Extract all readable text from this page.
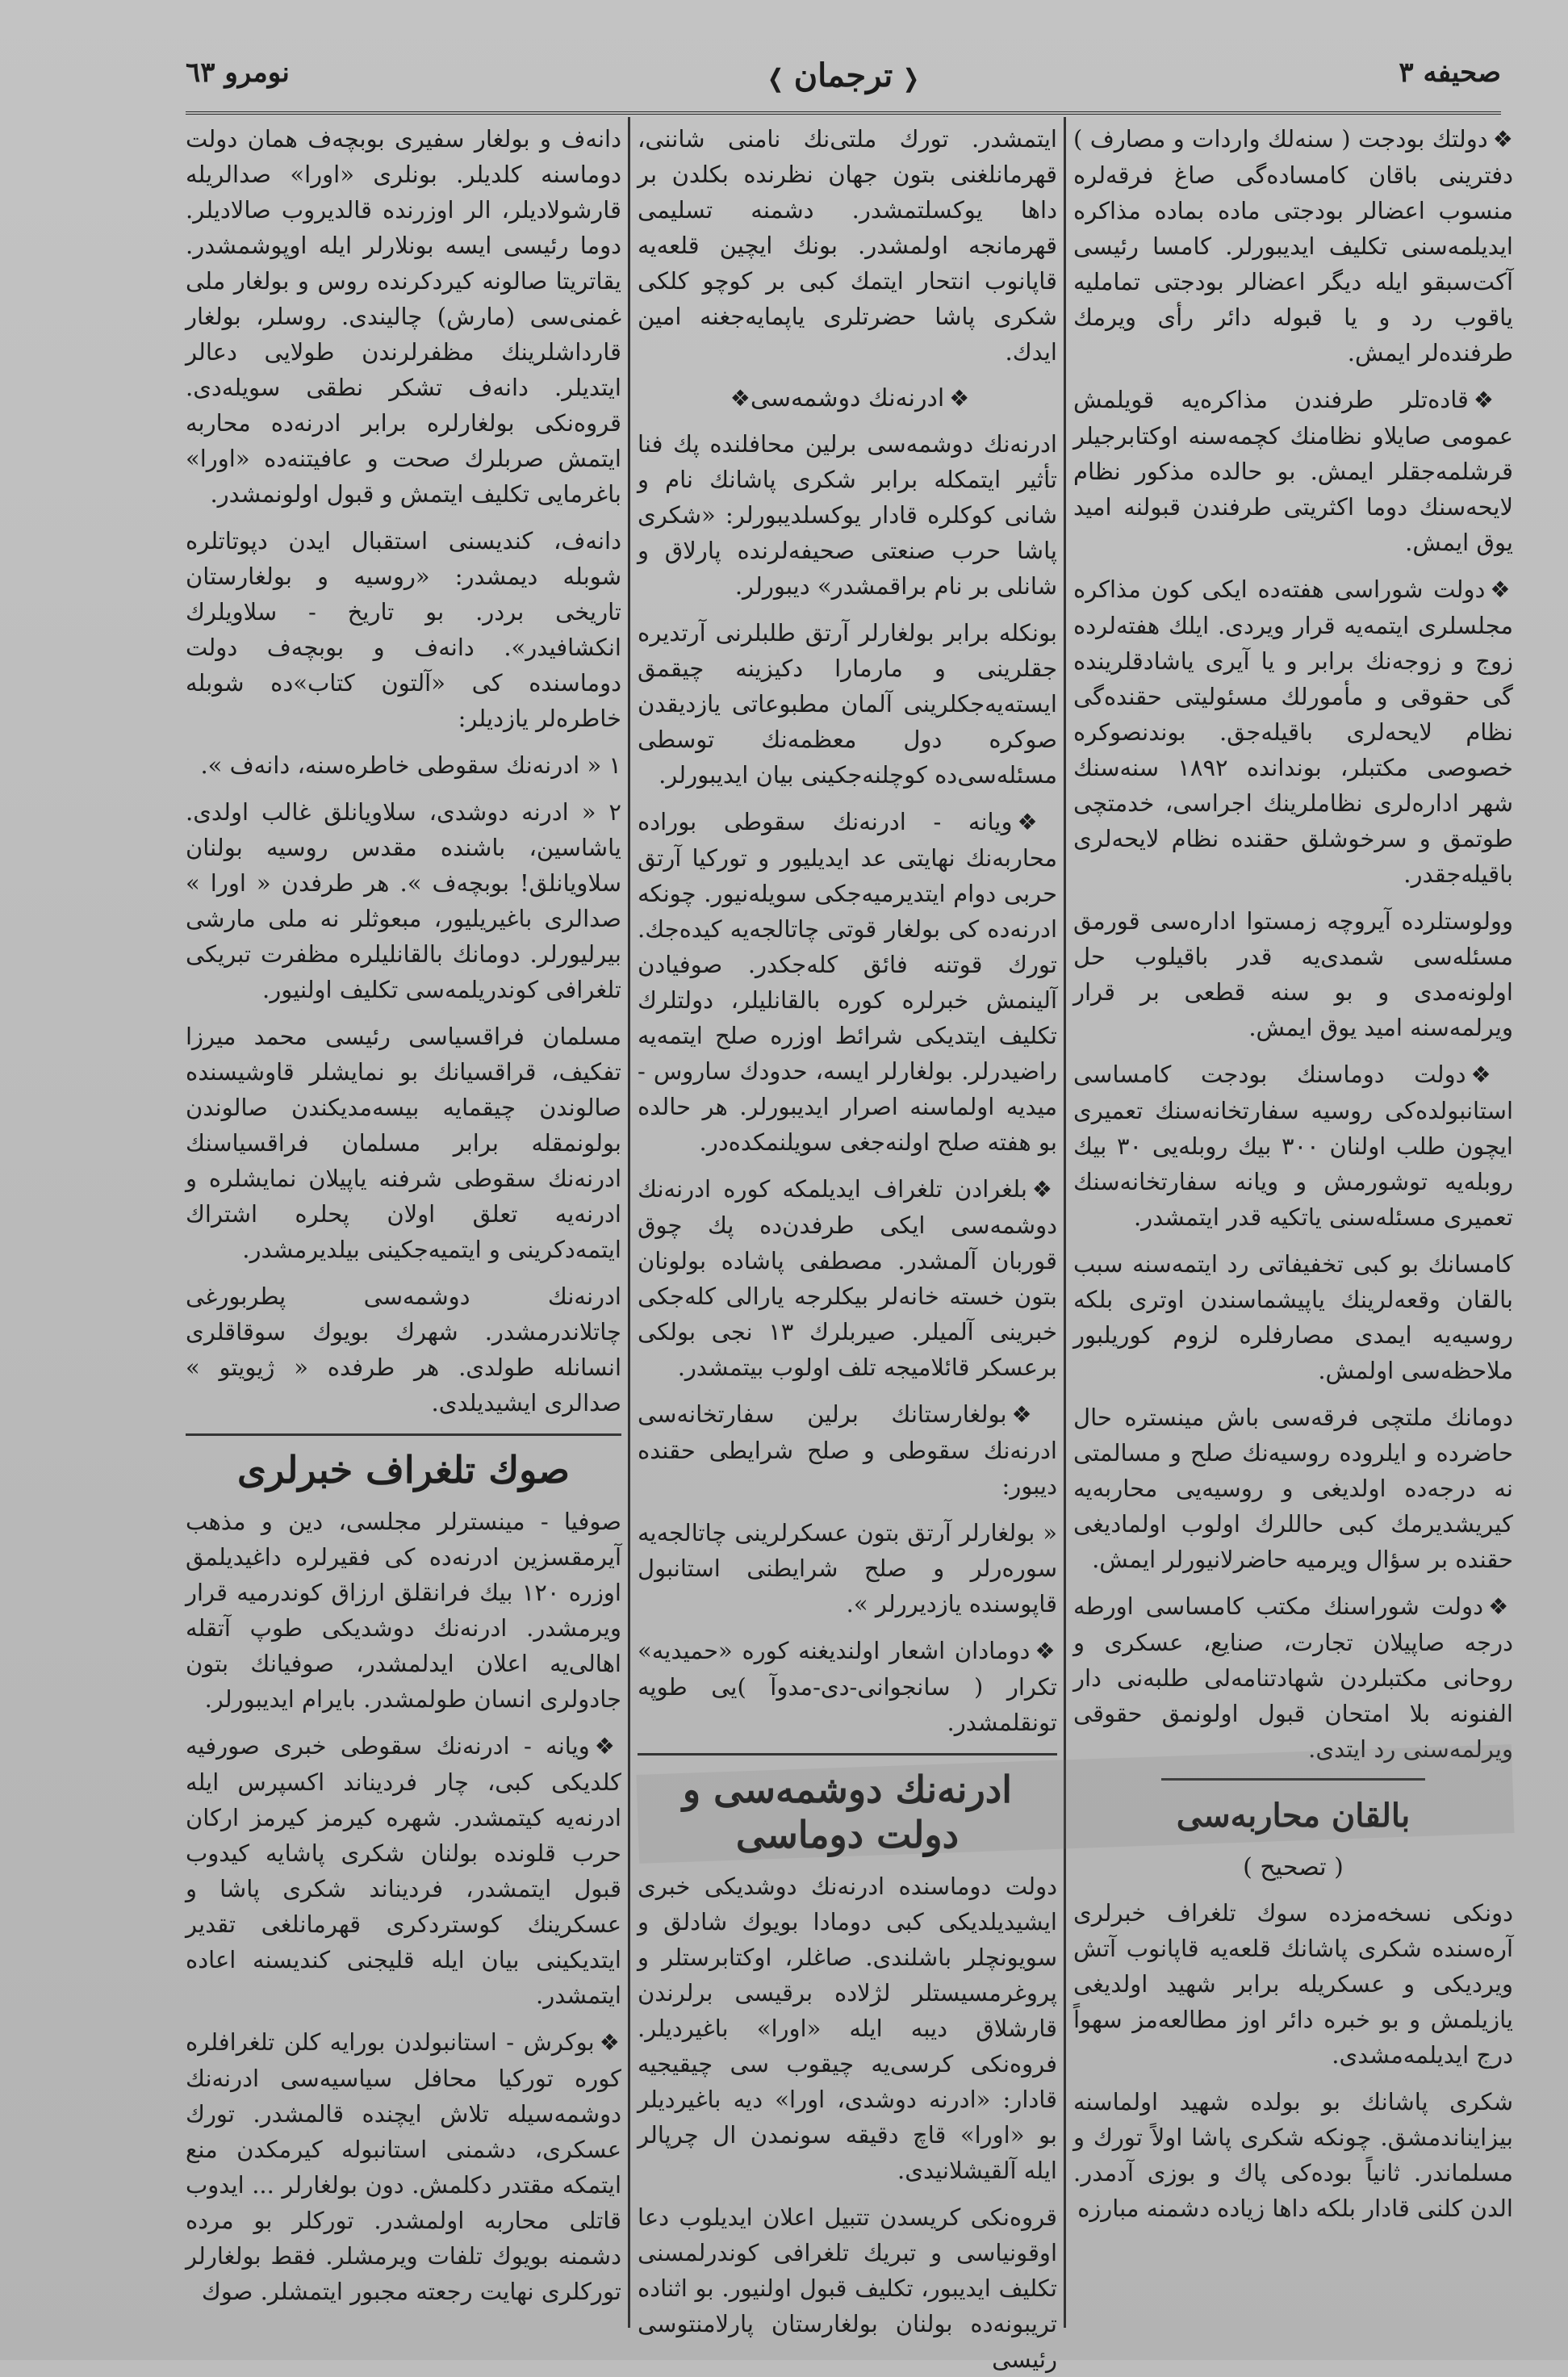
صحیفه ۳
❬ترجمان❭
نومرو ٦٣

❖دولتك بودجت ( سنه‌لك واردات و مصارف ) دفترینی باقان کامساده‌گی صاغ فرقه‌لره منسوب اعضالر بودجتی ماده بماده مذاکره ایدیلمه‌سنی تکلیف ایدیبورلر. کامسا رئیسی آکت‌سبقو ایله دیگر اعضالر بودجتی تماملیه یاقوب رد و یا قبوله دائر رأی ویرمك طرفنده‌لر ایمش.

❖قاده‌تلر طرفندن مذاکره‌یه قویلمش عمومی صایلاو نظامنك کچمه‌سنه اوکتابرجیلر قرشلمه‌جقلر ایمش. بو حالده مذکور نظام لایحه‌سنك دوما اکثریتی طرفندن قبولنه امید یوق ایمش.

❖دولت شوراسی هفته‌ده ایکی کون مذاکره مجلسلری ایتمه‌یه قرار ویردی. ایلك هفته‌لرده زوج و زوجه‌نك برابر و یا آیری یاشادقلرینده گی حقوقی و مأمورلك مسئولیتی حقنده‌گی نظام لایحه‌لری باقیله‌جق. بوندنصوکره خصوصی مکتبلر، بوندانده ۱۸۹۲ سنه‌سنك شهر اداره‌لری نظاملرینك اجراسی، خدمتچی طوتمق و سرخوشلق حقنده نظام لایحه‌لری باقیله‌جقدر.

وولوستلرده آیروچه زمستوا اداره‌سی قورمق مسئله‌سی شمدی‌یه قدر باقیلوب حل اولونه‌مدی و بو سنه قطعی بر قرار ویرلمه‌سنه امید یوق ایمش.

❖دولت دوماسنك بودجت کامساسی استانبولده‌کی روسیه سفارتخانه‌سنك تعمیری ایچون طلب اولنان ۳۰۰ بیك روبله‌یی ۳۰ بیك روبله‌یه توشورمش و ویانه سفارتخانه‌سنك تعمیری مسئله‌سنی یاتکیه قدر ایتمشدر.

کامسانك بو کبی تخفیفاتی رد ایتمه‌سنه سبب بالقان وقعه‌لرینك یاپیشماسندن اوتری بلکه روسیه‌یه ایمدی مصارفلره لزوم کوریلبور ملاحظه‌سی اولمش.

دومانك ملتچی فرقه‌سی باش مینستره حال حاضرده و ایلروده روسیه‌نك صلح و مسالمتی نه درجه‌ده اولدیغی و روسیه‌یی محاربه‌یه کیریشدیرمك کبی حاللرك اولوب اولمادیغی حقنده بر سؤال ویرمیه حاضرلانیورلر ایمش.

❖دولت شوراسنك مکتب کامساسی اورطه درجه صاپیلان تجارت، صنایع، عسکری و روحانی مکتبلردن شهادتنامه‌لی طلبه‌نی دار الفنونه بلا امتحان قبول اولونمق حقوقی ویرلمه‌سنی رد ایتدی.

بالقان محاربه‌سی
( تصحیح )

دونکی نسخه‌مزده سوك تلغراف خبرلری آره‌سنده شکری پاشانك قلعه‌یه قاپانوب آتش ویردیکی و عسکریله برابر شهید اولدیغی یازیلمش و بو خبره دائر اوز مطالعه‌مز سهواً درج ایدیلمه‌مشدی.

شکری پاشانك بو بولده شهید اولماسنه بیزایناندمشق. چونکه شکری پاشا اولاً تورك و مسلماندر. ثانیاً بوده‌کی پاك و بوزی آدمدر. الدن کلنی قادار بلکه داها زیاده دشمنه مبارزه

ایتمشدر. تورك ملتی‌نك نامنی شاننی، قهرمانلغنی بتون جهان نظرنده بکلدن بر داها یوکسلتمشدر. دشمنه تسلیمی قهرمانجه اولمشدر. بونك ایچین قلعه‌یه قاپانوب انتحار ایتمك کبی بر کوچو کلکی شکری پاشا حضرتلری یاپمایه‌جغنه امین ایدك.

❖ادرنه‌نك دوشمه‌سی❖

ادرنه‌نك دوشمه‌سی برلین محافلنده پك فنا تأثیر ایتمکله برابر شکری پاشانك نام و شانی کوکلره قادار یوکسلدیبورلر: «شکری پاشا حرب صنعتی صحیفه‌لرنده پارلاق و شانلی بر نام براقمشدر» دیبورلر.

بونکله برابر بولغارلر آرتق طلبلرنی آرتدیره جقلرینی و مارمارا دکیزینه چیقمق ایسته‌یه‌جکلرینی آلمان مطبوعاتی یازدیقدن صوکره دول معظمه‌نك توسطی مسئله‌سی‌ده کوچلنه‌جکینی بیان ایدیبورلر.

❖ویانه - ادرنه‌نك سقوطی بوراده محاربه‌نك نهایتی عد ایدیلیور و تورکیا آرتق حربی دوام ایتدیرمیه‌جکی سویله‌نیور. چونکه ادرنه‌ده کی بولغار قوتی چاتالجه‌یه کیده‌جك. تورك قوتنه فائق کله‌جکدر. صوفیادن آلینمش خبرلره کوره بالقانلیلر، دولتلرك تکلیف ایتدیکی شرائط اوزره صلح ایتمه‌یه راضیدرلر. بولغارلر ایسه، حدودك ساروس - میدیه اولماسنه اصرار ایدیبورلر. هر حالده بو هفته صلح اولنه‌جغی سویلنمکده‌در.

❖بلغرادن تلغراف ایدیلمکه کوره ادرنه‌نك دوشمه‌سی ایکی طرفدن‌ده پك چوق قوربان آلمشدر. مصطفی پاشاده بولونان بتون خسته خانه‌لر بیکلرجه یارالی کله‌جکی خبرینی آلمیلر. صیربلرك ۱۳ نجی بولکی برعسکر قائلامیجه تلف اولوب بیتمشدر.

❖بولغارستانك برلین سفارتخانه‌سی ادرنه‌نك سقوطی و صلح شرایطی حقنده دیبور:

« بولغارلر آرتق بتون عسکرلرینی چاتالجه‌یه سوره‌رلر و صلح شرایطنی استانبول قاپوسنده یازدیررلر ».

❖دومادان اشعار اولندیغنه کوره «حمیدیه» تکرار ( سانجوانی-دی-مدوآ )یی طوپه تونقلمشدر.

ادرنه‌نك دوشمه‌سی و دولت دوماسی

دولت دوماسنده ادرنه‌نك دوشدیکی خبری ایشیدیلدیکی کبی دومادا بویوك شادلق و سویونچلر باشلندی. صاغلر، اوکتابرستلر و پروغرمسیستلر لژلاده برقیسی برلرندن قارشلاق دیبه ایله «اورا» باغیردیلر. فروه‌نکی کرسی‌یه چیقوب سی چیقیجیه قادار: «ادرنه دوشدی، اورا» دیه باغیردیلر بو «اورا» قاچ دقیقه سونمدن ال چرپالر ایله آلقیشلانیدی.

قروه‌نکی کریسدن تتبیل اعلان ایدیلوب دعا اوقونیاسی و تبریك تلغرافی کوندرلمسنی تکلیف ایدیبور، تکلیف قبول اولنیور. بو اثناده تریبونه‌ده بولنان بولغارستان پارلامنتوسی رئیسی

دانه‌ف و بولغار سفیری بوبچه‌ف همان دولت دوماسنه کلدیلر. بونلری «اورا» صدالریله قارشولادیلر، الر اوزرنده قالدیروب صالادیلر. دوما رئیسی ایسه بونلارلر ایله اوپوشمشدر. یقاتریتا صالونه کیردکرنده روس و بولغار ملی غمنی‌سی (مارش) چالیندی. روسلر، بولغار قارداشلرینك مظفرلرندن طولایی دعالر ایتدیلر. دانه‌ف تشکر نطقی سویله‌دی. قروه‌نکی بولغارلره برابر ادرنه‌ده محاربه ایتمش صربلرك صحت و عافیتنه‌ده «اورا» باغرمایی تکلیف ایتمش و قبول اولونمشدر.

دانه‌ف، کندیسنی استقبال ایدن دپوتاتلره شوبله دیمشدر: «روسیه و بولغارستان تاریخی بردر. بو تاریخ - سلاویلرك انکشافیدر». دانه‌ف و بوبچه‌ف دولت دوماسنده کی «آلتون کتاب»ده شوبله خاطره‌لر یازدیلر:

۱ « ادرنه‌نك سقوطی خاطره‌سنه، دانه‌ف ».

۲ « ادرنه دوشدی، سلاویانلق غالب اولدی. یاشاسین، باشنده مقدس روسیه بولنان سلاویانلق! بوبچه‌ف ». هر طرفدن « اورا » صدالری باغیریلیور، مبعوثلر نه ملی مارشی بیرلیورلر. دومانك بالقانلیلره مظفرت تبریکی تلغرافی کوندریلمه‌سی تکلیف اولنیور.

مسلمان فراقسیاسی رئیسی محمد میرزا تفکیف، قراقسیانك بو نمایشلر قاوشیسنده صالوندن چیقمایه بیسه‌مدیکندن صالوندن بولونمقله برابر مسلمان فراقسیاسنك ادرنه‌نك سقوطی شرفنه یاپیلان نمایشلره و ادرنه‌یه تعلق اولان پحلره اشتراك ایتمه‌دکرینی و ایتمیه‌جکینی بیلدیرمشدر.

ادرنه‌نك دوشمه‌سی پطربورغی چاتلاندرمشدر. شهرك بویوك سوقاقلری انسانله طولدی. هر طرفده « ژیویتو » صدالری ایشیدیلدی.

صوك تلغراف خبرلری

صوفیا - مینسترلر مجلسی، دین و مذهب آیرمقسزین ادرنه‌ده کی فقیرلره داغیدیلمق اوزره ۱۲۰ بیك فرانقلق ارزاق کوندرمیه قرار ویرمشدر. ادرنه‌نك دوشدیکی طوپ آتقله اهالی‌یه اعلان ایدلمشدر، صوفیانك بتون جادولری انسان طولمشدر. بایرام ایدیبورلر.

❖ویانه - ادرنه‌نك سقوطی خبری صورفیه کلدیکی کبی، چار فردیناند اکسپرس ایله ادرنه‌یه کیتمشدر. شهره کیرمز کیرمز ارکان حرب قلونده بولنان شکری پاشایه کیدوب قبول ایتمشدر، فردیناند شکری پاشا و عسکرینك کوستردکری قهرمانلغی تقدیر ایتدیکینی بیان ایله قلیجنی کندیسنه اعاده ایتمشدر.

❖بوکرش - استانبولدن بورایه کلن تلغرافلره کوره تورکیا محافل سیاسیه‌سی ادرنه‌نك دوشمه‌سیله تلاش ایچنده قالمشدر. تورك عسکری، دشمنی استانبوله کیرمکدن منع ایتمکه مقتدر دکلمش. دون بولغارلر ... ایدوب قاتلی محاربه اولمشدر. تورکلر بو مرده دشمنه بویوك تلفات ویرمشلر. فقط بولغارلر تورکلری نهایت رجعته مجبور ایتمشلر. صوك
